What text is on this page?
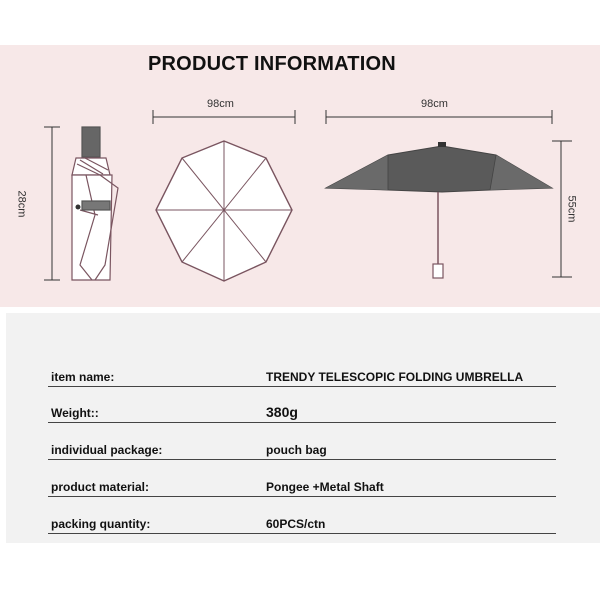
PRODUCT INFORMATION
28cm
98cm	98cm
55cm
item name:	TRENDY TELESCOPIC FOLDING UMBRELLA
Weight::	380g
individual package:	pouch bag
product material:	Pongee +Metal Shaft
packing quantity:	60PCS/ctn
